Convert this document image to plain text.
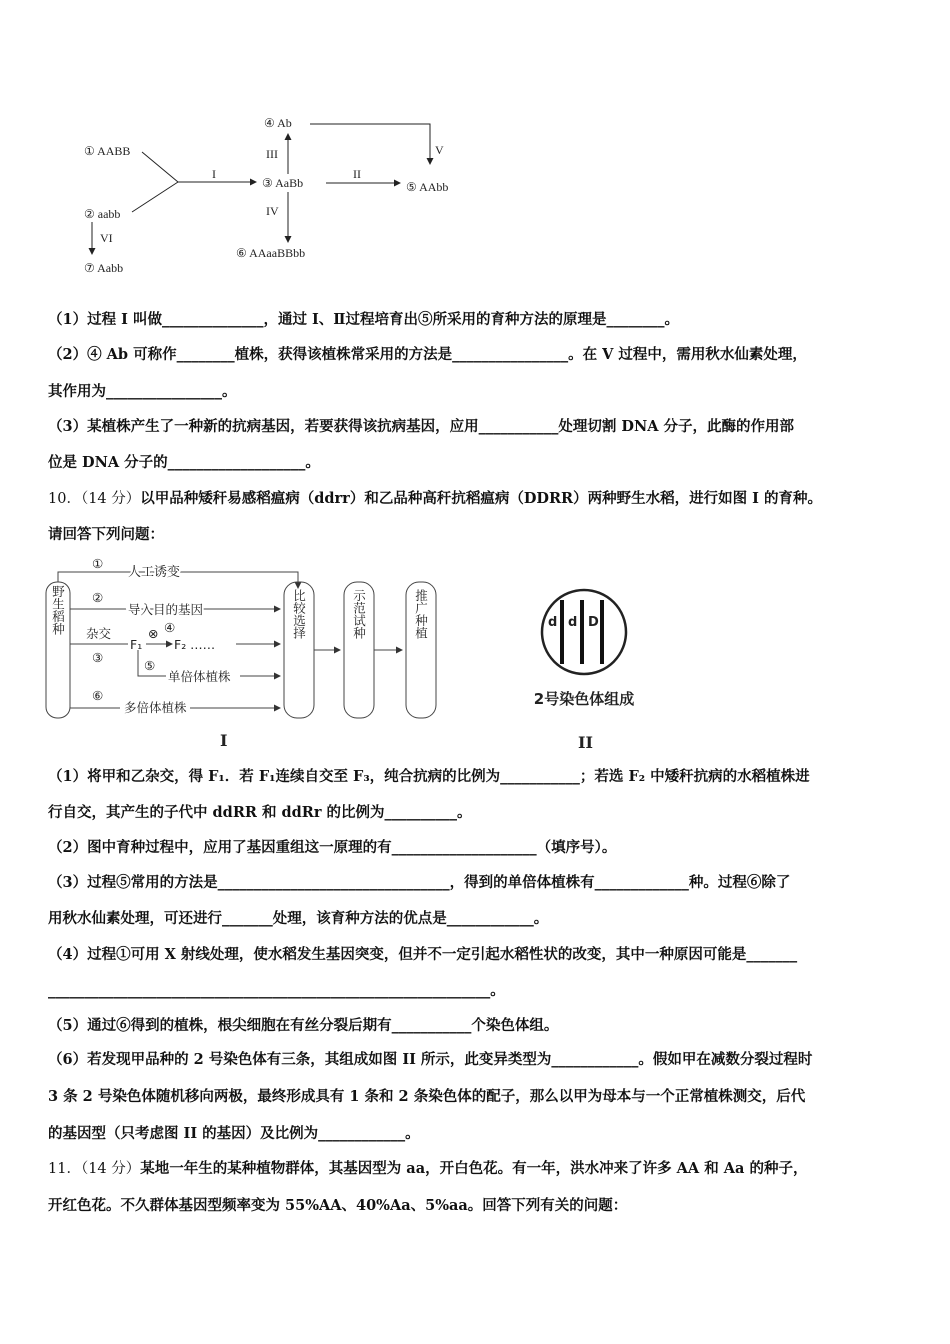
① AABB
② aabb
③ AaBb
④ Ab
⑤ AAbb
⑥ AAaaBBbb
⑦ Aabb
I	II
III
IV
V
VI
（1）过程 I 叫做______________，通过 I、Ⅱ过程培育出⑤所采用的育种方法的原理是________。
（2）④ Ab 可称作________植株，获得该植株常采用的方法是________________。在 V 过程中，需用秋水仙素处理，
其作用为________________。
（3）某植株产生了一种新的抗病基因，若要获得该抗病基因，应用___________处理切割 DNA 分子，此酶的作用部
位是 DNA 分子的___________________。
10．（14 分）以甲品种矮秆易感稻瘟病（ddrr）和乙品种高秆抗稻瘟病（DDRR）两种野生水稻，进行如图 I 的育种。
请回答下列问题：
野生稻种
①
人工诱变
②
导入目的基因
杂交	⊗ ④
③
F₁	F₂ ……
⑤
单倍体植株
⑥
多倍体植株
比较选择	示范试种	推广种植
I
d d D
2号染色体组成
II
（1）将甲和乙杂交，得 F₁．若 F₁连续自交至 F₃，纯合抗病的比例为___________；若选 F₂ 中矮秆抗病的水稻植株进
行自交，其产生的子代中 ddRR 和 ddRr 的比例为__________。
（2）图中育种过程中，应用了基因重组这一原理的有____________________（填序号）。
（3）过程⑤常用的方法是________________________________，得到的单倍体植株有_____________种。过程⑥除了
用秋水仙素处理，可还进行_______处理，该育种方法的优点是____________。
（4）过程①可用 X 射线处理，使水稻发生基因突变，但并不一定引起水稻性状的改变，其中一种原因可能是_______
_____________________________________________________________。
（5）通过⑥得到的植株，根尖细胞在有丝分裂后期有___________个染色体组。
（6）若发现甲品种的 2 号染色体有三条，其组成如图 II 所示，此变异类型为____________。假如甲在减数分裂过程时
3 条 2 号染色体随机移向两极，最终形成具有 1 条和 2 条染色体的配子，那么以甲为母本与一个正常植株测交，后代
的基因型（只考虑图 II 的基因）及比例为____________。
11．（14 分）某地一年生的某种植物群体，其基因型为 aa，开白色花。有一年，洪水冲来了许多 AA 和 Aa 的种子，
开红色花。不久群体基因型频率变为 55%AA、40%Aa、5%aa。回答下列有关的问题：
